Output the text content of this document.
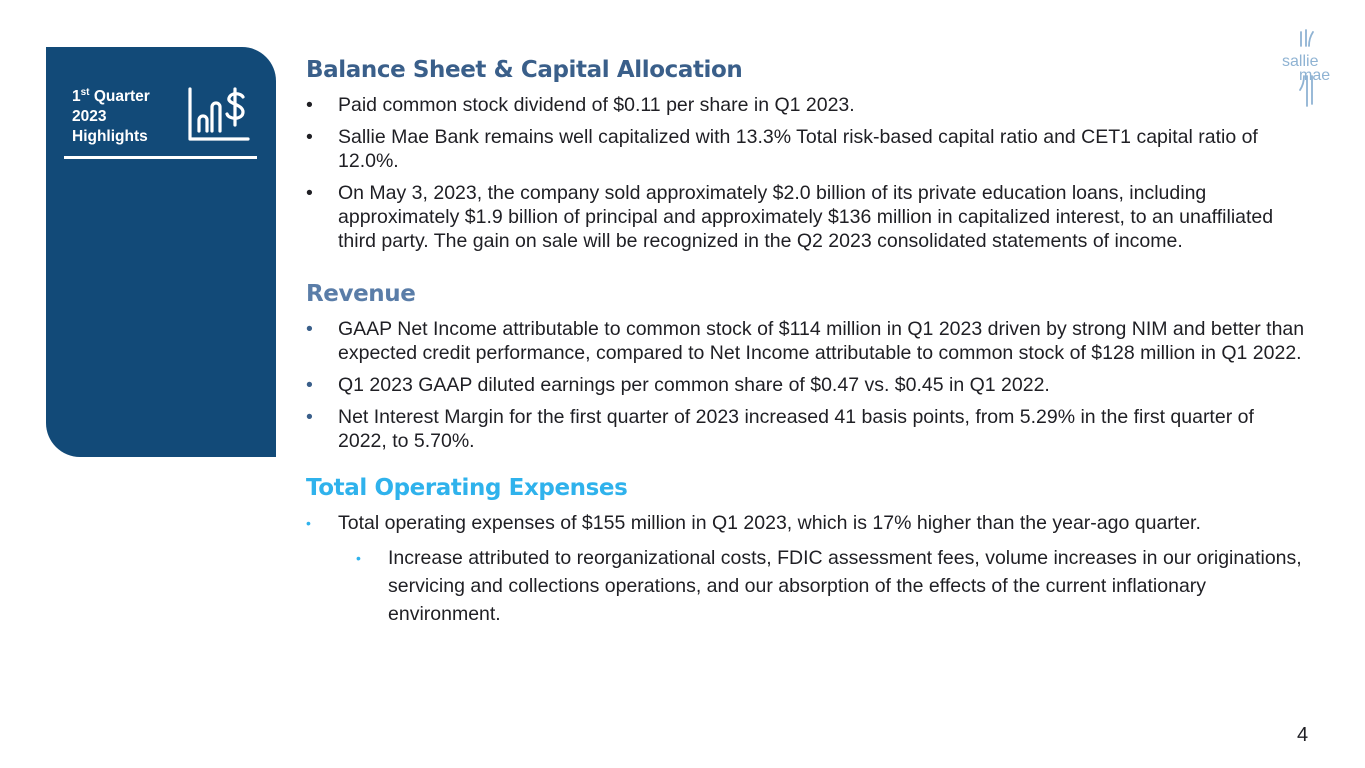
1st Quarter
2023
Highlights
sallie
mae
Balance Sheet & Capital Allocation
•	Paid common stock dividend of $0.11 per share in Q1 2023.
•	Sallie Mae Bank remains well capitalized with 13.3% Total risk-based capital ratio and CET1 capital ratio of 12.0%.
•	On May 3, 2023, the company sold approximately $2.0 billion of its private education loans, including approximately $1.9 billion of principal and approximately $136 million in capitalized interest, to an unaffiliated third party. The gain on sale will be recognized in the Q2 2023 consolidated statements of income.
Revenue
•	GAAP Net Income attributable to common stock of $114 million in Q1 2023 driven by strong NIM and better than expected credit performance, compared to Net Income attributable to common stock of $128 million in Q1 2022.
•	Q1 2023 GAAP diluted earnings per common share of $0.47 vs. $0.45 in Q1 2022.
•	Net Interest Margin for the first quarter of 2023 increased 41 basis points, from 5.29% in the first quarter of 2022, to 5.70%.
Total Operating Expenses
•	Total operating expenses of $155 million in Q1 2023, which is 17% higher than the year-ago quarter.
•	Increase attributed to reorganizational costs, FDIC assessment fees, volume increases in our originations, servicing and collections operations, and our absorption of the effects of the current inflationary environment.
4
